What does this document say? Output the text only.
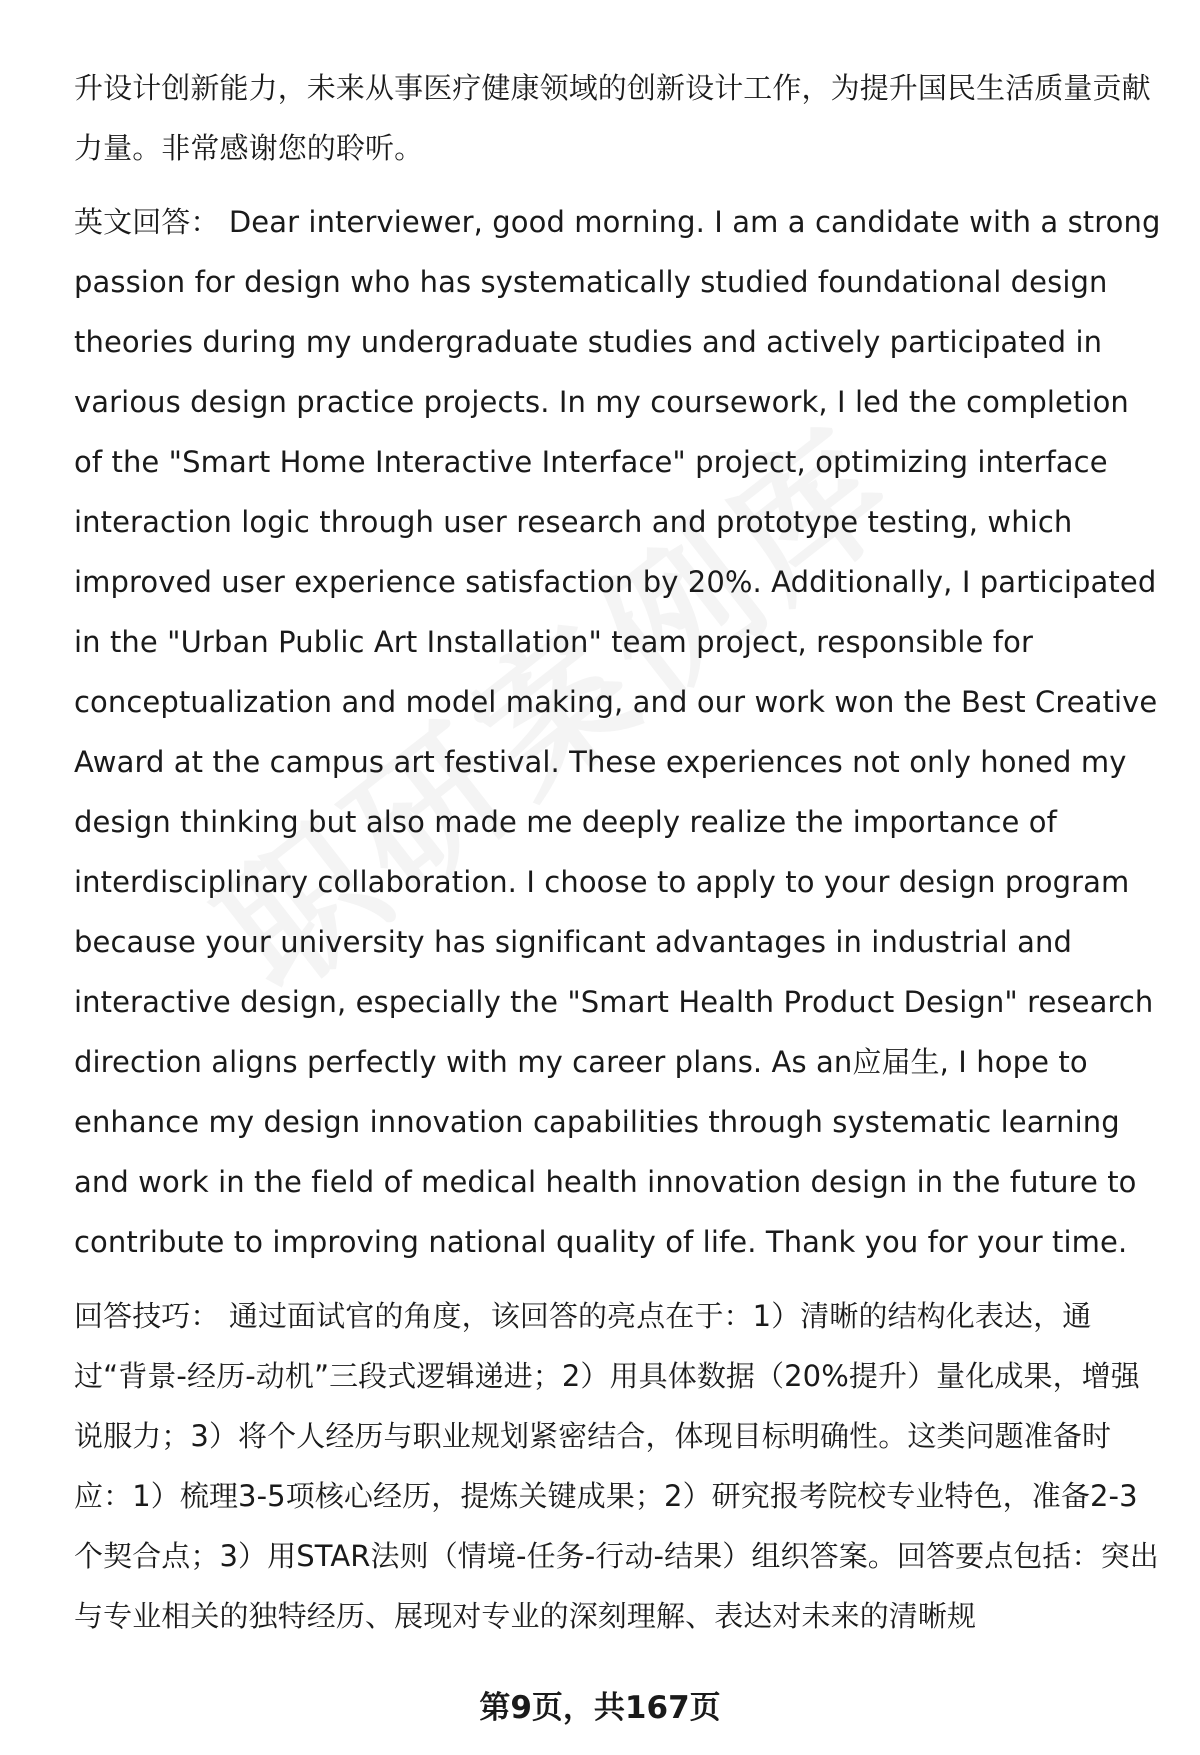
升设计创新能力，未来从事医疗健康领域的创新设计工作，为提升国民生活质量贡献力量。非常感谢您的聆听。

英文回答： Dear interviewer, good morning. I am a candidate with a strong passion for design who has systematically studied foundational design theories during my undergraduate studies and actively participated in various design practice projects. In my coursework, I led the completion of the "Smart Home Interactive Interface" project, optimizing interface interaction logic through user research and prototype testing, which improved user experience satisfaction by 20%. Additionally, I participated in the "Urban Public Art Installation" team project, responsible for conceptualization and model making, and our work won the Best Creative Award at the campus art festival. These experiences not only honed my design thinking but also made me deeply realize the importance of interdisciplinary collaboration. I choose to apply to your design program because your university has significant advantages in industrial and interactive design, especially the "Smart Health Product Design" research direction aligns perfectly with my career plans. As an应届生, I hope to enhance my design innovation capabilities through systematic learning and work in the field of medical health innovation design in the future to contribute to improving national quality of life. Thank you for your time.

回答技巧： 通过面试官的角度，该回答的亮点在于：1）清晰的结构化表达，通过“背景-经历-动机”三段式逻辑递进；2）用具体数据（20%提升）量化成果，增强说服力；3）将个人经历与职业规划紧密结合，体现目标明确性。这类问题准备时应：1）梳理3-5项核心经历，提炼关键成果；2）研究报考院校专业特色，准备2-3个契合点；3）用STAR法则（情境-任务-行动-结果）组织答案。回答要点包括：突出与专业相关的独特经历、展现对专业的深刻理解、表达对未来的清晰规

第9页，共167页
